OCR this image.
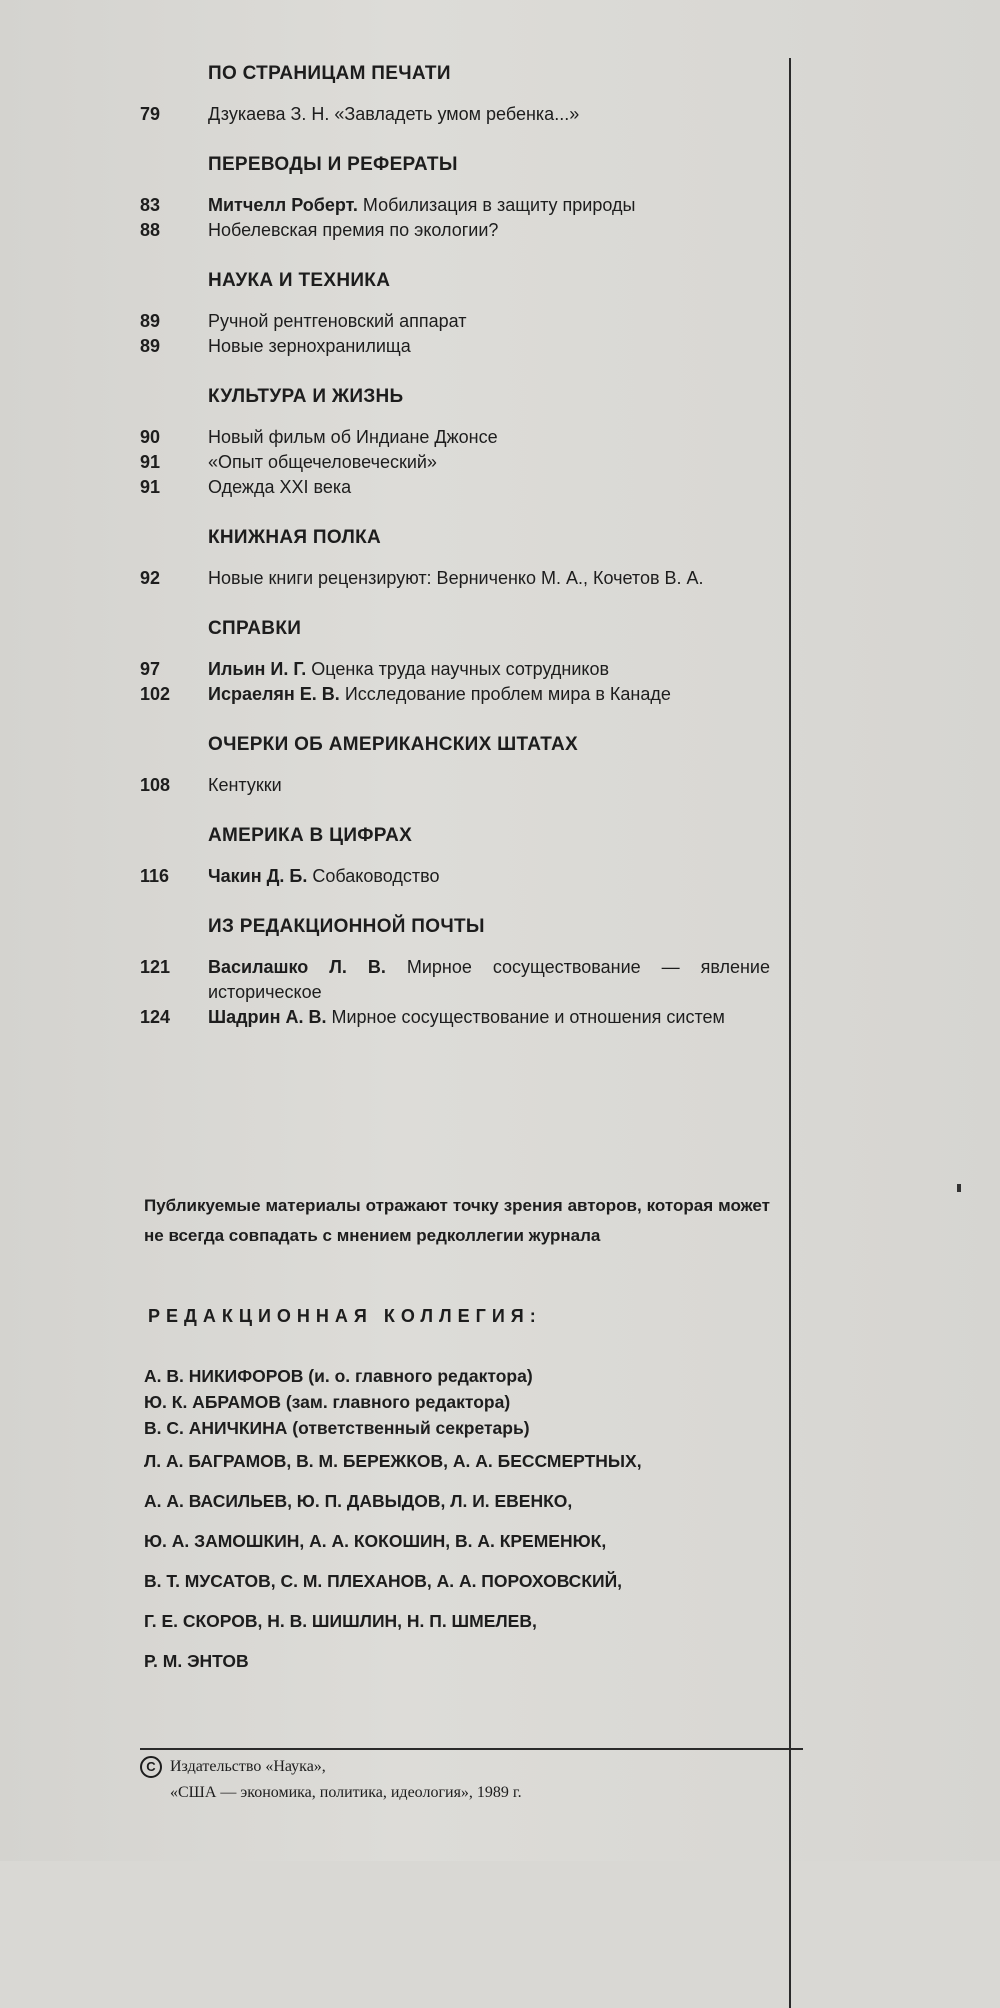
ПО СТРАНИЦАМ ПЕЧАТИ
79	Дзукаева З. Н. «Завладеть умом ребенка...»
ПЕРЕВОДЫ И РЕФЕРАТЫ
83	Митчелл Роберт. Мобилизация в защиту природы
88	Нобелевская премия по экологии?
НАУКА И ТЕХНИКА
89	Ручной рентгеновский аппарат
89	Новые зернохранилища
КУЛЬТУРА И ЖИЗНЬ
90	Новый фильм об Индиане Джонсе
91	«Опыт общечеловеческий»
91	Одежда XXI века
КНИЖНАЯ ПОЛКА
92	Новые книги рецензируют: Верниченко М. А., Кочетов В. А.
СПРАВКИ
97	Ильин И. Г. Оценка труда научных сотрудников
102	Исраелян Е. В. Исследование проблем мира в Канаде
ОЧЕРКИ ОБ АМЕРИКАНСКИХ ШТАТАХ
108	Кентукки
АМЕРИКА В ЦИФРАХ
116	Чакин Д. Б. Собаководство
ИЗ РЕДАКЦИОННОЙ ПОЧТЫ
121	Василашко Л. В. Мирное сосуществование — явление историческое
124	Шадрин А. В. Мирное сосуществование и отношения систем
Публикуемые материалы отражают точку зрения авторов, которая может не всегда совпадать с мнением редколлегии журнала
РЕДАКЦИОННАЯ КОЛЛЕГИЯ:
А. В. НИКИФОРОВ (и. о. главного редактора)
Ю. К. АБРАМОВ (зам. главного редактора)
В. С. АНИЧКИНА (ответственный секретарь)
Л. А. БАГРАМОВ, В. М. БЕРЕЖКОВ, А. А. БЕССМЕРТНЫХ,
А. А. ВАСИЛЬЕВ, Ю. П. ДАВЫДОВ, Л. И. ЕВЕНКО,
Ю. А. ЗАМОШКИН, А. А. КОКОШИН, В. А. КРЕМЕНЮК,
В. Т. МУСАТОВ, С. М. ПЛЕХАНОВ, А. А. ПОРОХОВСКИЙ,
Г. Е. СКОРОВ, Н. В. ШИШЛИН, Н. П. ШМЕЛЕВ,
Р. М. ЭНТОВ
C Издательство «Наука»,
«США — экономика, политика, идеология», 1989 г.
